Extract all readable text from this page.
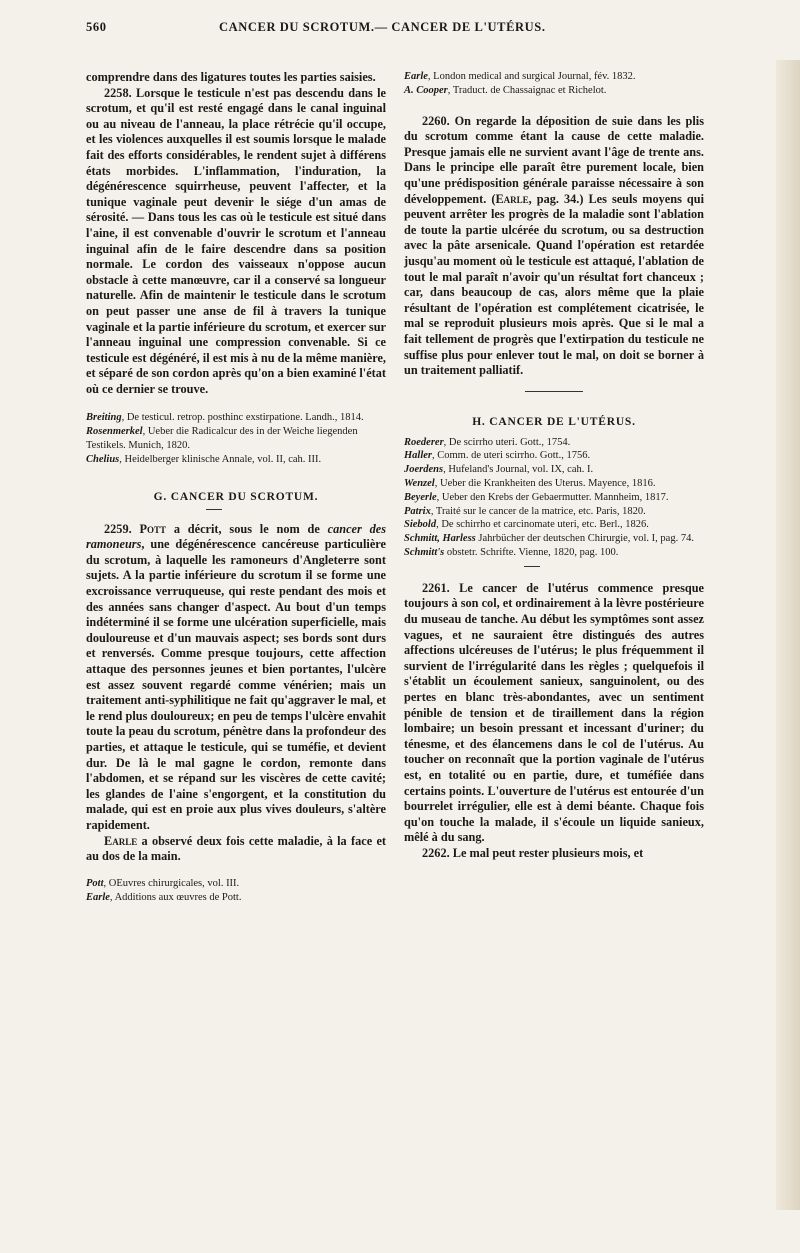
560	CANCER DU SCROTUM.— CANCER DE L'UTÉRUS.

comprendre dans des ligatures toutes les parties saisies.

2258. Lorsque le testicule n'est pas descendu dans le scrotum, et qu'il est resté engagé dans le canal inguinal ou au niveau de l'anneau, la place rétrécie qu'il occupe, et les violences auxquelles il est soumis lorsque le malade fait des efforts considérables, le rendent sujet à différens états morbides. L'inflammation, l'induration, la dégénérescence squirrheuse, peuvent l'affecter, et la tunique vaginale peut devenir le siége d'un amas de sérosité. — Dans tous les cas où le testicule est situé dans l'aine, il est convenable d'ouvrir le scrotum et l'anneau inguinal afin de le faire descendre dans sa position normale. Le cordon des vaisseaux n'oppose aucun obstacle à cette manœuvre, car il a conservé sa longueur naturelle. Afin de maintenir le testicule dans le scrotum on peut passer une anse de fil à travers la tunique vaginale et la partie inférieure du scrotum, et exercer sur l'anneau inguinal une compression convenable. Si ce testicule est dégénéré, il est mis à nu de la même manière, et séparé de son cordon après qu'on a bien examiné l'état où ce dernier se trouve.

Breiting, De testicul. retrop. posthinc exstirpatione. Landh., 1814.
Rosenmerkel, Ueber die Radicalcur des in der Weiche liegenden Testikels. Munich, 1820.
Chelius, Heidelberger klinische Annale, vol. II, cah. III.
G. CANCER DU SCROTUM.

2259. Pott a décrit, sous le nom de cancer des ramoneurs, une dégénérescence cancéreuse particulière du scrotum, à laquelle les ramoneurs d'Angleterre sont sujets. A la partie inférieure du scrotum il se forme une excroissance verruqueuse, qui reste pendant des mois et des années sans changer d'aspect. Au bout d'un temps indéterminé il se forme une ulcération superficielle, mais douloureuse et d'un mauvais aspect; ses bords sont durs et renversés. Comme presque toujours, cette affection attaque des personnes jeunes et bien portantes, l'ulcère est assez souvent regardé comme vénérien; mais un traitement anti-syphilitique ne fait qu'aggraver le mal, et le rend plus douloureux; en peu de temps l'ulcère envahit toute la peau du scrotum, pénètre dans la profondeur des parties, et attaque le testicule, qui se tuméfie, et devient dur. De là le mal gagne le cordon, remonte dans l'abdomen, et se répand sur les viscères de cette cavité; les glandes de l'aine s'engorgent, et la constitution du malade, qui est en proie aux plus vives douleurs, s'altère rapidement.
Earle a observé deux fois cette maladie, à la face et au dos de la main.

Pott, OEuvres chirurgicales, vol. III.
Earle, Additions aux œuvres de Pott.
Earle, London medical and surgical Journal, fév. 1832.
A. Cooper, Traduct. de Chassaignac et Richelot.

2260. On regarde la déposition de suie dans les plis du scrotum comme étant la cause de cette maladie. Presque jamais elle ne survient avant l'âge de trente ans. Dans le principe elle paraît être purement locale, bien qu'une prédisposition générale paraisse nécessaire à son développement. (Earle, pag. 34.) Les seuls moyens qui peuvent arrêter les progrès de la maladie sont l'ablation de toute la partie ulcérée du scrotum, ou sa destruction avec la pâte arsenicale. Quand l'opération est retardée jusqu'au moment où le testicule est attaqué, l'ablation de tout le mal paraît n'avoir qu'un résultat fort chanceux ; car, dans beaucoup de cas, alors même que la plaie résultant de l'opération est complétement cicatrisée, le mal se reproduit plusieurs mois après. Que si le mal a fait tellement de progrès que l'extirpation du testicule ne suffise plus pour enlever tout le mal, on doit se borner à un traitement palliatif.

H. CANCER DE L'UTÉRUS.
Roederer, De scirrho uteri. Gott., 1754.
Haller, Comm. de uteri scirrho. Gott., 1756.
Joerdens, Hufeland's Journal, vol. IX, cah. I.
Wenzel, Ueber die Krankheiten des Uterus. Mayence, 1816.
Beyerle, Ueber den Krebs der Gebaermutter. Mannheim, 1817.
Patrix, Traité sur le cancer de la matrice, etc. Paris, 1820.
Siebold, De schirrho et carcinomate uteri, etc. Berl., 1826.
Schmitt, Harless Jahrbücher der deutschen Chirurgie, vol. I, pag. 74.
Schmitt's obstetr. Schrifte. Vienne, 1820, pag. 100.

2261. Le cancer de l'utérus commence presque toujours à son col, et ordinairement à la lèvre postérieure du museau de tanche. Au début les symptômes sont assez vagues, et ne sauraient être distingués des autres affections ulcéreuses de l'utérus; le plus fréquemment il survient de l'irrégularité dans les règles ; quelquefois il s'établit un écoulement sanieux, sanguinolent, ou des pertes en blanc très-abondantes, avec un sentiment pénible de tension et de tiraillement dans la région lombaire; un besoin pressant et incessant d'uriner; du ténesme, et des élancemens dans le col de l'utérus. Au toucher on reconnaît que la portion vaginale de l'utérus est, en totalité ou en partie, dure, et tuméfiée dans certains points. L'ouverture de l'utérus est entourée d'un bourrelet irrégulier, elle est à demi béante. Chaque fois qu'on touche la malade, il s'écoule un liquide sanieux, mêlé à du sang.

2262. Le mal peut rester plusieurs mois, et
